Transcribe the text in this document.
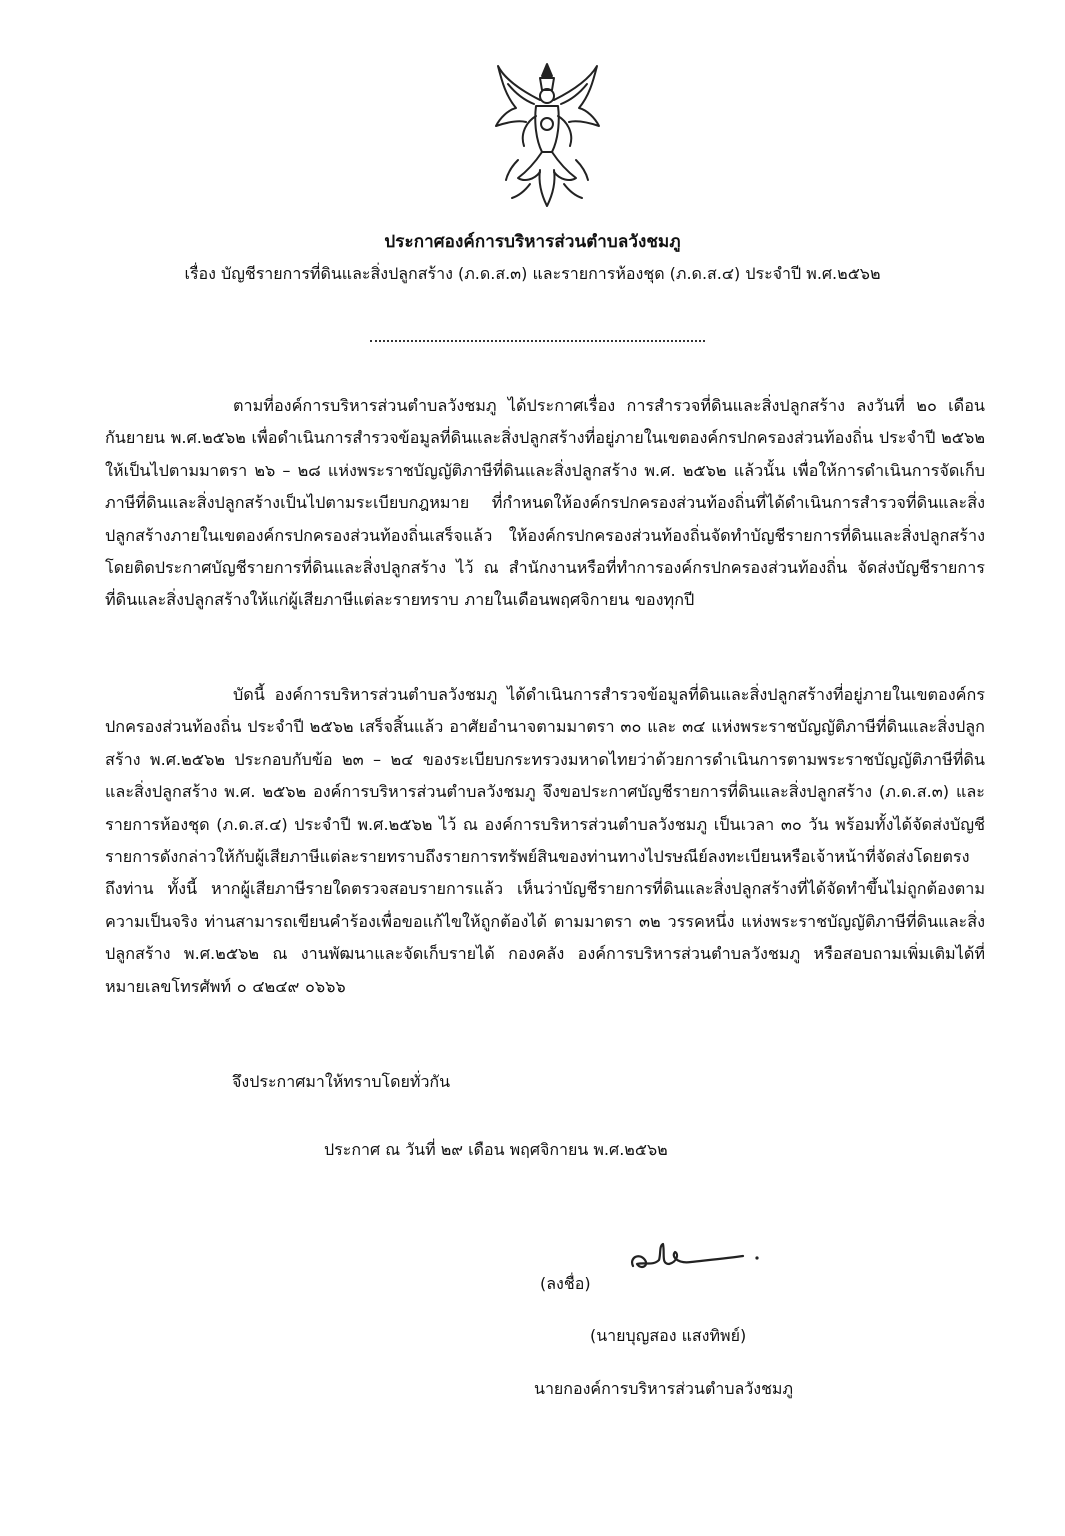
ประกาศองค์การบริหารส่วนตำบลวังชมภู
เรื่อง บัญชีรายการที่ดินและสิ่งปลูกสร้าง (ภ.ด.ส.๓) และรายการห้องชุด (ภ.ด.ส.๔) ประจำปี พ.ศ.๒๕๖๒
ตามที่องค์การบริหารส่วนตำบลวังชมภู ได้ประกาศเรื่อง การสำรวจที่ดินและสิ่งปลูกสร้าง ลงวันที่ ๒๐ เดือน กันยายน พ.ศ.๒๕๖๒ เพื่อดำเนินการสำรวจข้อมูลที่ดินและสิ่งปลูกสร้างที่อยู่ภายในเขตองค์กรปกครองส่วนท้องถิ่น ประจำปี ๒๕๖๒ ให้เป็นไปตามมาตรา ๒๖ – ๒๘ แห่งพระราชบัญญัติภาษีที่ดินและสิ่งปลูกสร้าง พ.ศ. ๒๕๖๒ แล้วนั้น เพื่อให้การดำเนินการจัดเก็บภาษีที่ดินและสิ่งปลูกสร้างเป็นไปตามระเบียบกฎหมาย ที่กำหนดให้องค์กรปกครองส่วนท้องถิ่นที่ได้ดำเนินการสำรวจที่ดินและสิ่งปลูกสร้างภายในเขตองค์กรปกครองส่วนท้องถิ่นเสร็จแล้ว ให้องค์กรปกครองส่วนท้องถิ่นจัดทำบัญชีรายการที่ดินและสิ่งปลูกสร้าง โดยติดประกาศบัญชีรายการที่ดินและสิ่งปลูกสร้าง ไว้ ณ สำนักงานหรือที่ทำการองค์กรปกครองส่วนท้องถิ่น จัดส่งบัญชีรายการที่ดินและสิ่งปลูกสร้างให้แก่ผู้เสียภาษีแต่ละรายทราบ ภายในเดือนพฤศจิกายน ของทุกปี
บัดนี้ องค์การบริหารส่วนตำบลวังชมภู ได้ดำเนินการสำรวจข้อมูลที่ดินและสิ่งปลูกสร้างที่อยู่ภายในเขตองค์กรปกครองส่วนท้องถิ่น ประจำปี ๒๕๖๒ เสร็จสิ้นแล้ว อาศัยอำนาจตามมาตรา ๓๐ และ ๓๔ แห่งพระราชบัญญัติภาษีที่ดินและสิ่งปลูกสร้าง พ.ศ.๒๕๖๒ ประกอบกับข้อ ๒๓ – ๒๔ ของระเบียบกระทรวงมหาดไทยว่าด้วยการดำเนินการตามพระราชบัญญัติภาษีที่ดินและสิ่งปลูกสร้าง พ.ศ. ๒๕๖๒ องค์การบริหารส่วนตำบลวังชมภู จึงขอประกาศบัญชีรายการที่ดินและสิ่งปลูกสร้าง (ภ.ด.ส.๓) และรายการห้องชุด (ภ.ด.ส.๔) ประจำปี พ.ศ.๒๕๖๒ ไว้ ณ องค์การบริหารส่วนตำบลวังชมภู เป็นเวลา ๓๐ วัน พร้อมทั้งได้จัดส่งบัญชีรายการดังกล่าวให้กับผู้เสียภาษีแต่ละรายทราบถึงรายการทรัพย์สินของท่านทางไปรษณีย์ลงทะเบียนหรือเจ้าหน้าที่จัดส่งโดยตรงถึงท่าน ทั้งนี้ หากผู้เสียภาษีรายใดตรวจสอบรายการแล้ว เห็นว่าบัญชีรายการที่ดินและสิ่งปลูกสร้างที่ได้จัดทำขึ้นไม่ถูกต้องตามความเป็นจริง ท่านสามารถเขียนคำร้องเพื่อขอแก้ไขให้ถูกต้องได้ ตามมาตรา ๓๒ วรรคหนึ่ง แห่งพระราชบัญญัติภาษีที่ดินและสิ่งปลูกสร้าง พ.ศ.๒๕๖๒ ณ งานพัฒนาและจัดเก็บรายได้ กองคลัง องค์การบริหารส่วนตำบลวังชมภู หรือสอบถามเพิ่มเติมได้ที่หมายเลขโทรศัพท์ ๐ ๔๒๔๙ ๐๖๖๖
จึงประกาศมาให้ทราบโดยทั่วกัน
ประกาศ ณ วันที่ ๒๙ เดือน พฤศจิกายน พ.ศ.๒๕๖๒
(ลงชื่อ)
(นายบุญสอง แสงทิพย์)
นายกองค์การบริหารส่วนตำบลวังชมภู
